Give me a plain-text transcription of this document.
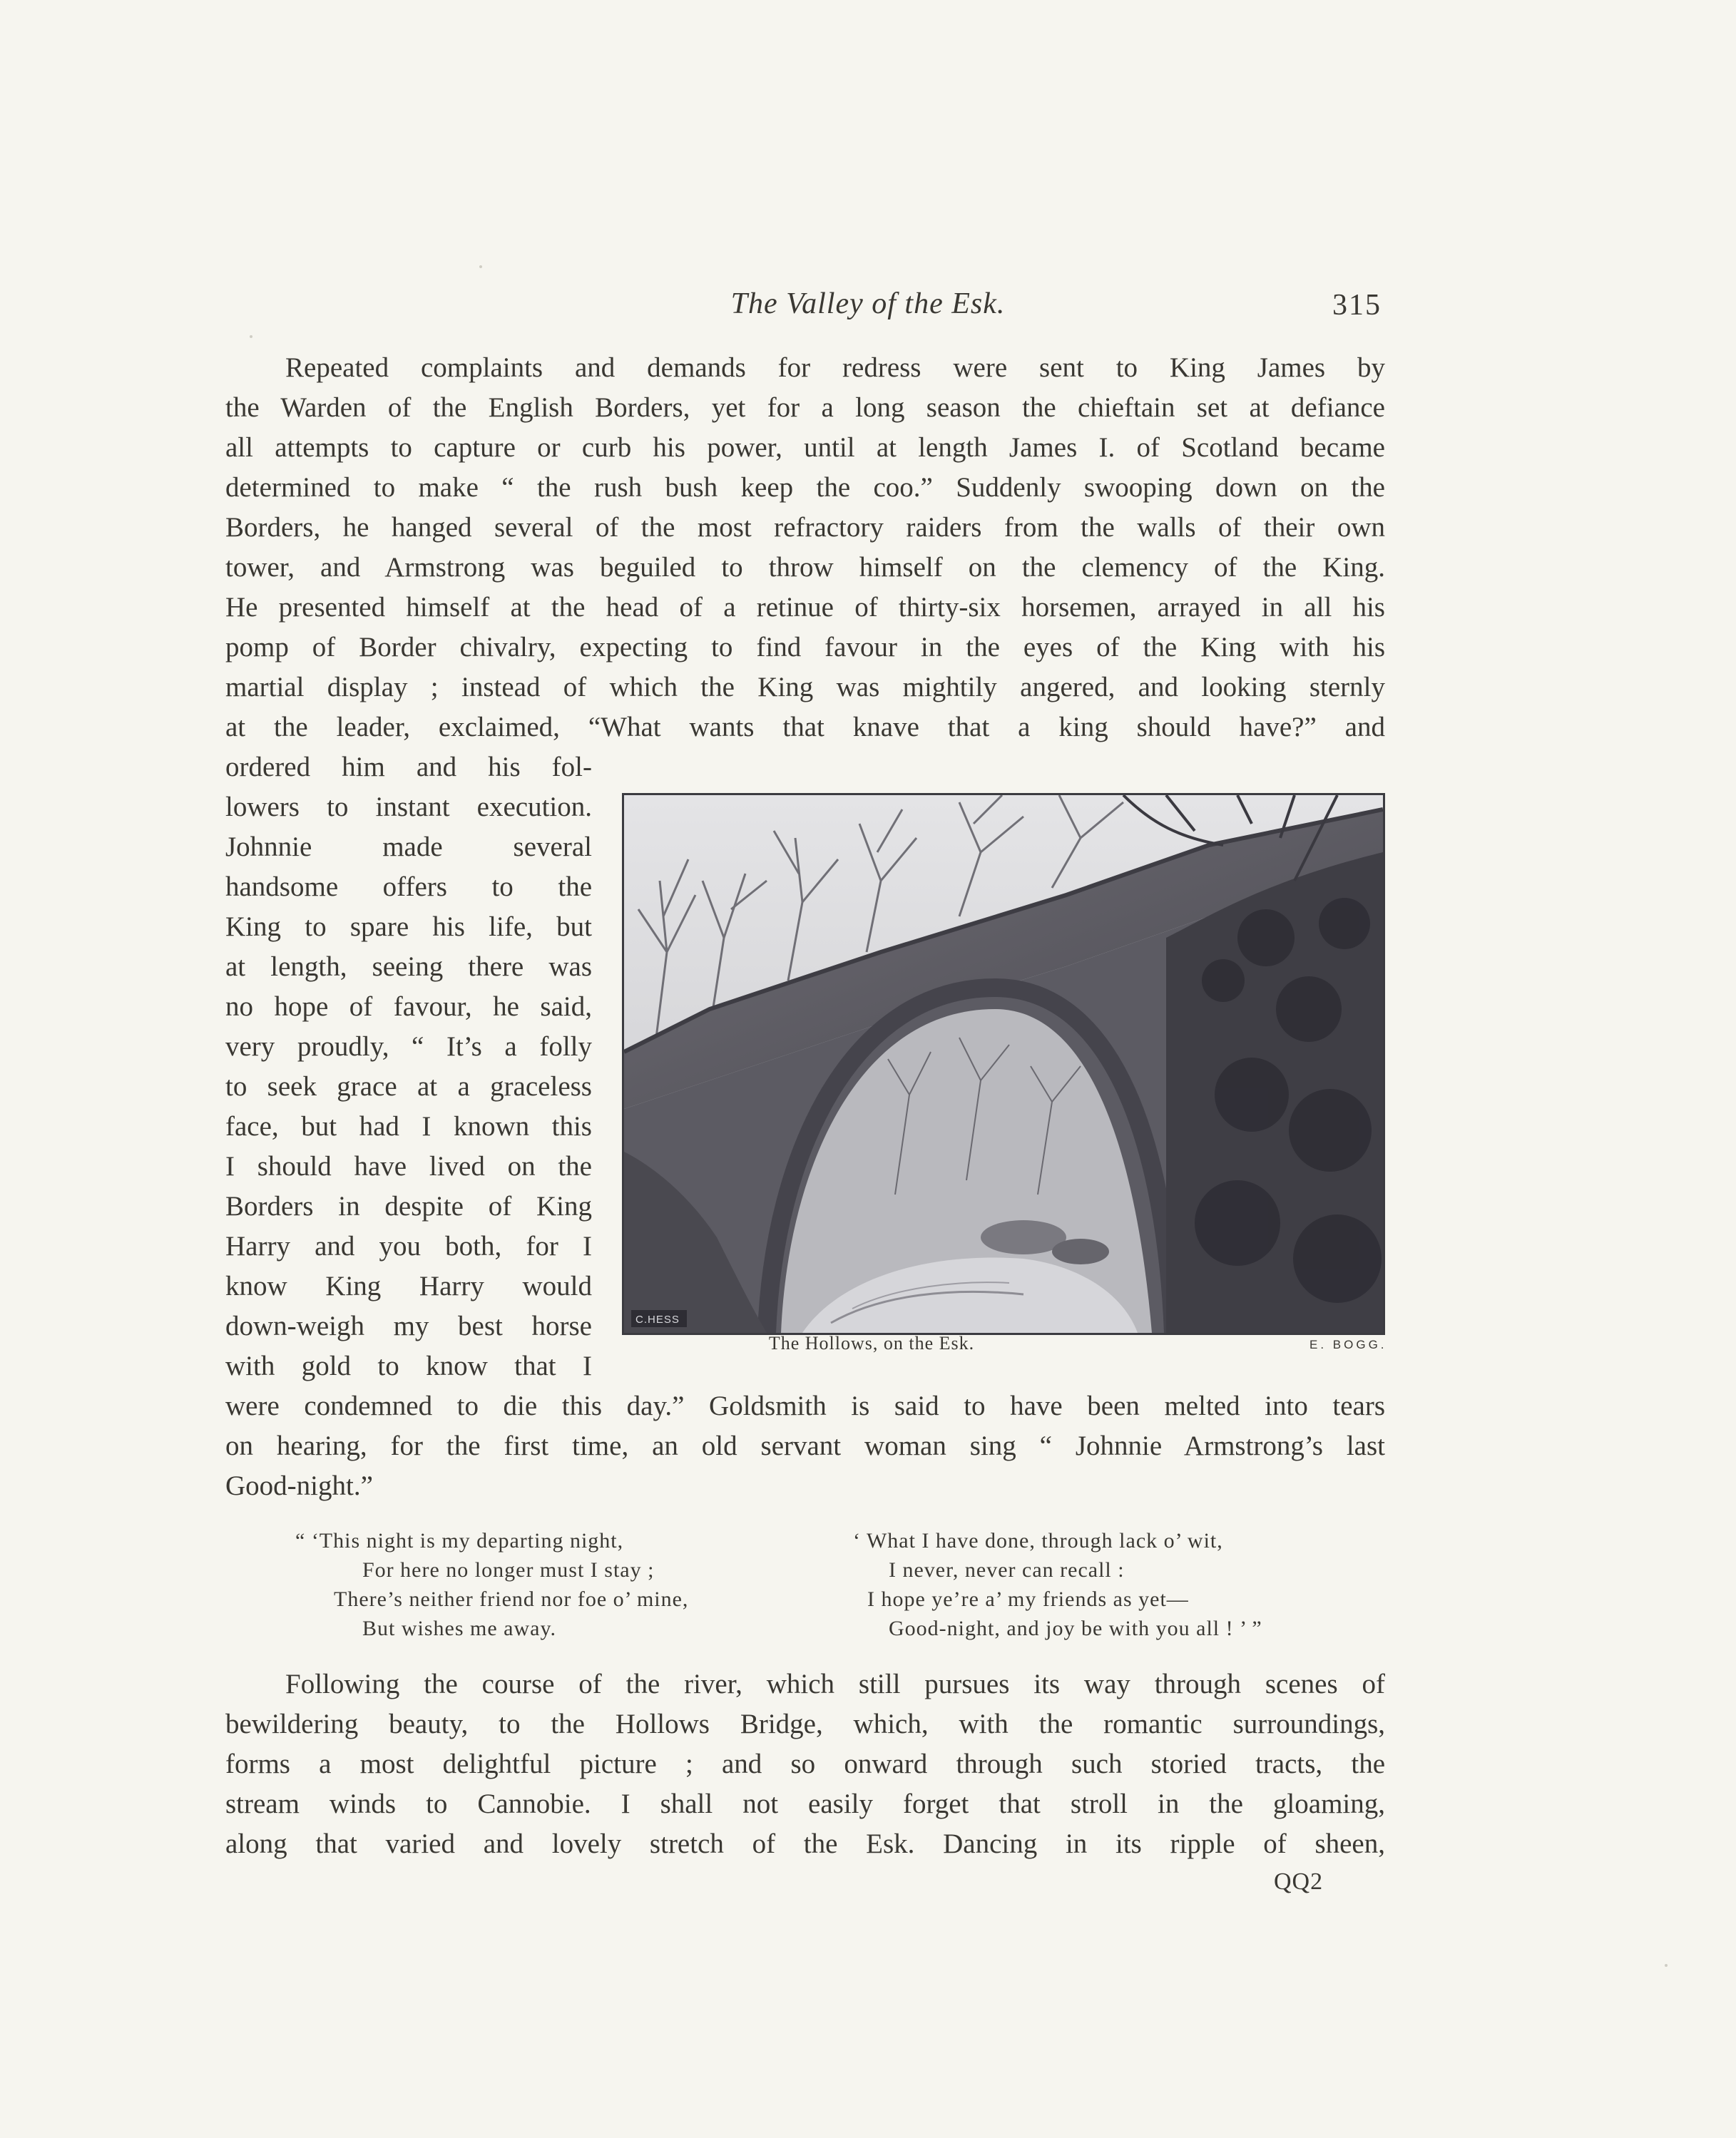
The Valley of the Esk.	315
Repeated complaints and demands for redress were sent to King James by
the Warden of the English Borders, yet for a long season the chieftain set at defiance
all attempts to capture or curb his power, until at length James I. of Scotland became
determined to make “ the rush bush keep the coo.” Suddenly swooping down on the
Borders, he hanged several of the most refractory raiders from the walls of their own
tower, and Armstrong was beguiled to throw himself on the clemency of the King.
He presented himself at the head of a retinue of thirty-six horsemen, arrayed in all his
pomp of Border chivalry, expecting to find favour in the eyes of the King with his
martial display ; instead of which the King was mightily angered, and looking sternly
at the leader, exclaimed, “What wants that knave that a king should have?” and
ordered him and his fol-
lowers to instant execution.
Johnnie made several
handsome offers to the
King to spare his life, but
at length, seeing there was
no hope of favour, he said,
very proudly, “ It’s a folly
to seek grace at a graceless
face, but had I known this
I should have lived on the
Borders in despite of King
Harry and you both, for I
know King Harry would
down-weigh my best horse
with gold to know that I
were condemned to die this day.” Goldsmith is said to have been melted into tears
on hearing, for the first time, an old servant woman sing “ Johnnie Armstrong’s last
Good-night.”
C.HESS
The Hollows, on the Esk.	E. BOGG.
“ ‘This night is my departing night,
For here no longer must I stay ;
There’s neither friend nor foe o’ mine,
But wishes me away.
‘ What I have done, through lack o’ wit,
I never, never can recall :
I hope ye’re a’ my friends as yet—
Good-night, and joy be with you all ! ’ ”
Following the course of the river, which still pursues its way through scenes of
bewildering beauty, to the Hollows Bridge, which, with the romantic surroundings,
forms a most delightful picture ; and so onward through such storied tracts, the
stream winds to Cannobie. I shall not easily forget that stroll in the gloaming,
along that varied and lovely stretch of the Esk. Dancing in its ripple of sheen,
QQ2
